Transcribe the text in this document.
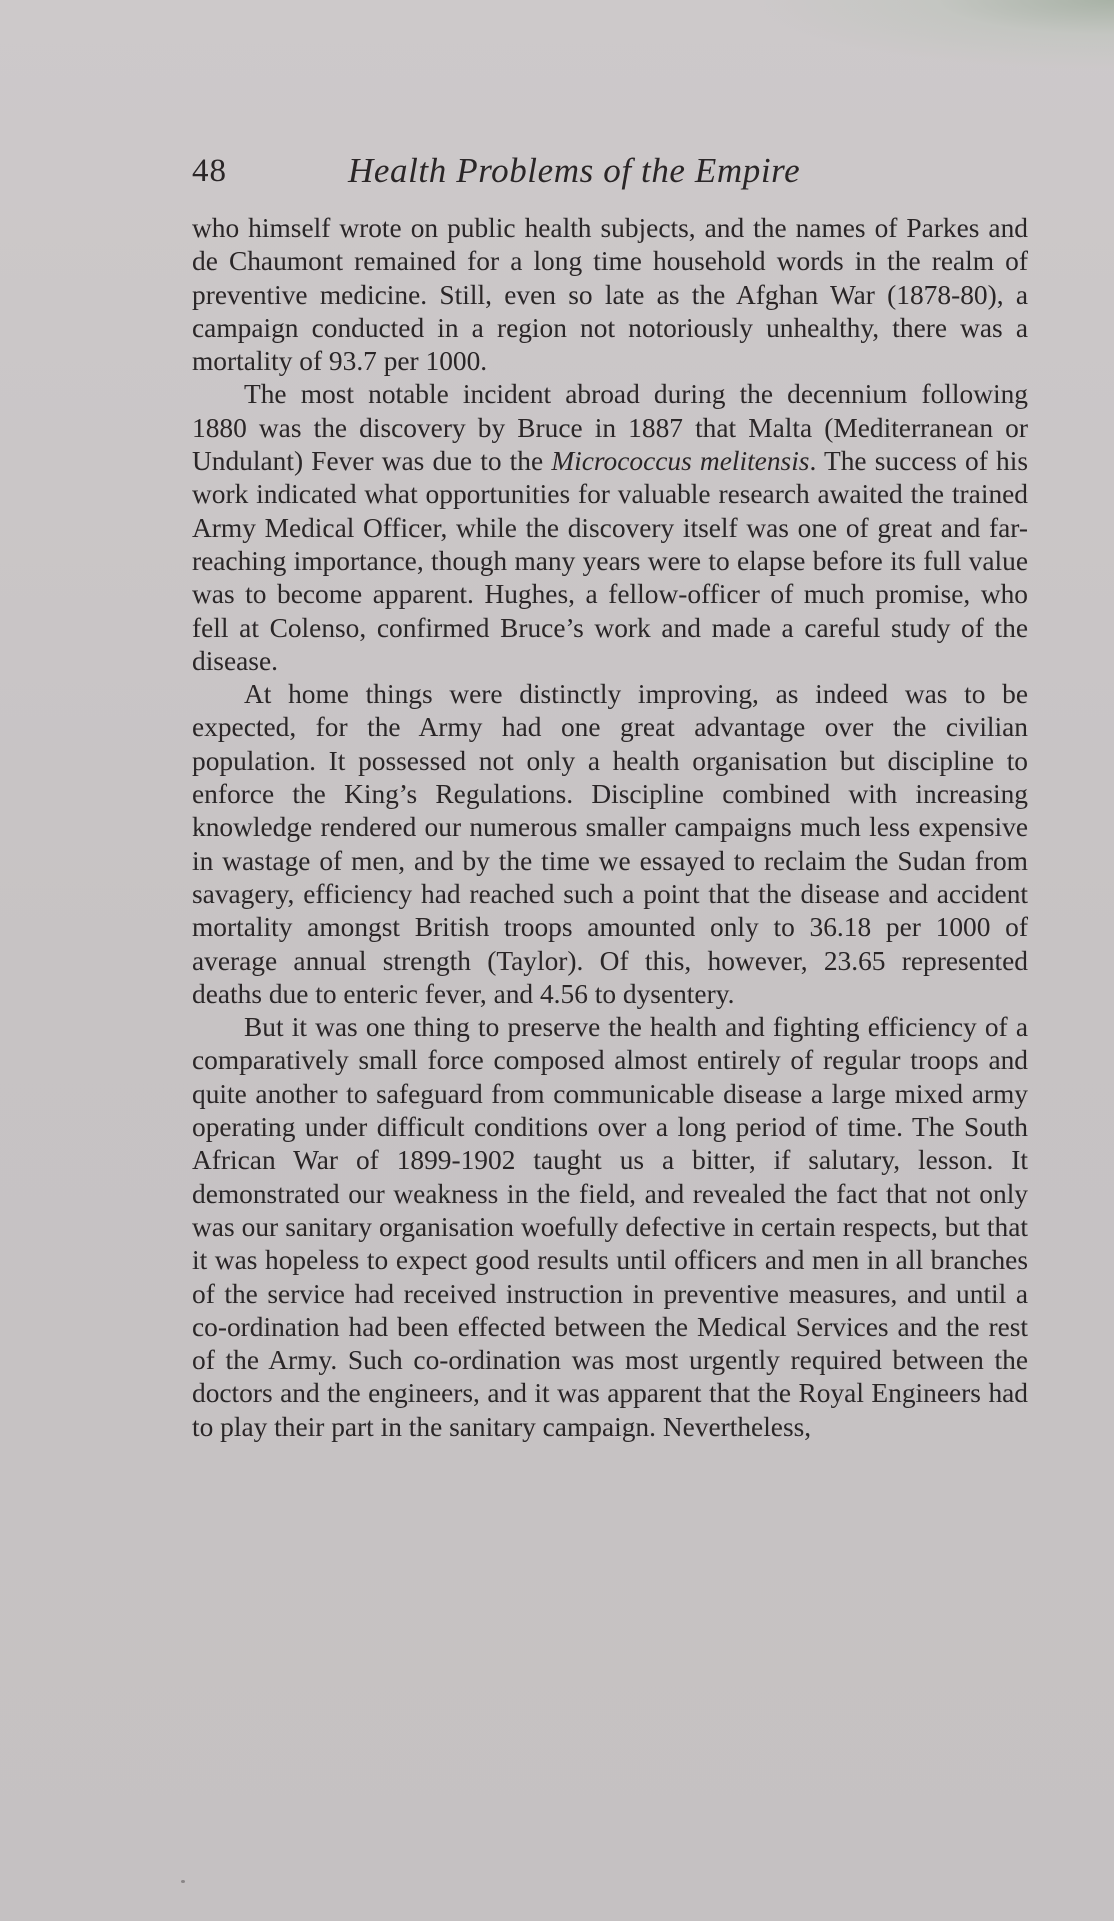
48	Health Problems of the Empire

who himself wrote on public health subjects, and the names of Parkes and de Chaumont remained for a long time household words in the realm of preventive medicine. Still, even so late as the Afghan War (1878-80), a campaign conducted in a region not notoriously unhealthy, there was a mortality of 93.7 per 1000.

The most notable incident abroad during the decennium following 1880 was the discovery by Bruce in 1887 that Malta (Mediterranean or Undulant) Fever was due to the Micrococcus melitensis. The success of his work indicated what opportunities for valuable research awaited the trained Army Medical Officer, while the discovery itself was one of great and far-reaching importance, though many years were to elapse before its full value was to become apparent. Hughes, a fellow-officer of much promise, who fell at Colenso, confirmed Bruce’s work and made a careful study of the disease.

At home things were distinctly improving, as indeed was to be expected, for the Army had one great advantage over the civilian population. It possessed not only a health organisation but discipline to enforce the King’s Regulations. Discipline combined with increasing knowledge rendered our numerous smaller campaigns much less expensive in wastage of men, and by the time we essayed to reclaim the Sudan from savagery, efficiency had reached such a point that the disease and accident mortality amongst British troops amounted only to 36.18 per 1000 of average annual strength (Taylor). Of this, however, 23.65 represented deaths due to enteric fever, and 4.56 to dysentery.

But it was one thing to preserve the health and fighting efficiency of a comparatively small force composed almost entirely of regular troops and quite another to safeguard from communicable disease a large mixed army operating under difficult conditions over a long period of time. The South African War of 1899-1902 taught us a bitter, if salutary, lesson. It demonstrated our weakness in the field, and revealed the fact that not only was our sanitary organisation woefully defective in certain respects, but that it was hopeless to expect good results until officers and men in all branches of the service had received instruction in preventive measures, and until a co-ordination had been effected between the Medical Services and the rest of the Army. Such co-ordination was most urgently required between the doctors and the engineers, and it was apparent that the Royal Engineers had to play their part in the sanitary campaign. Nevertheless,
